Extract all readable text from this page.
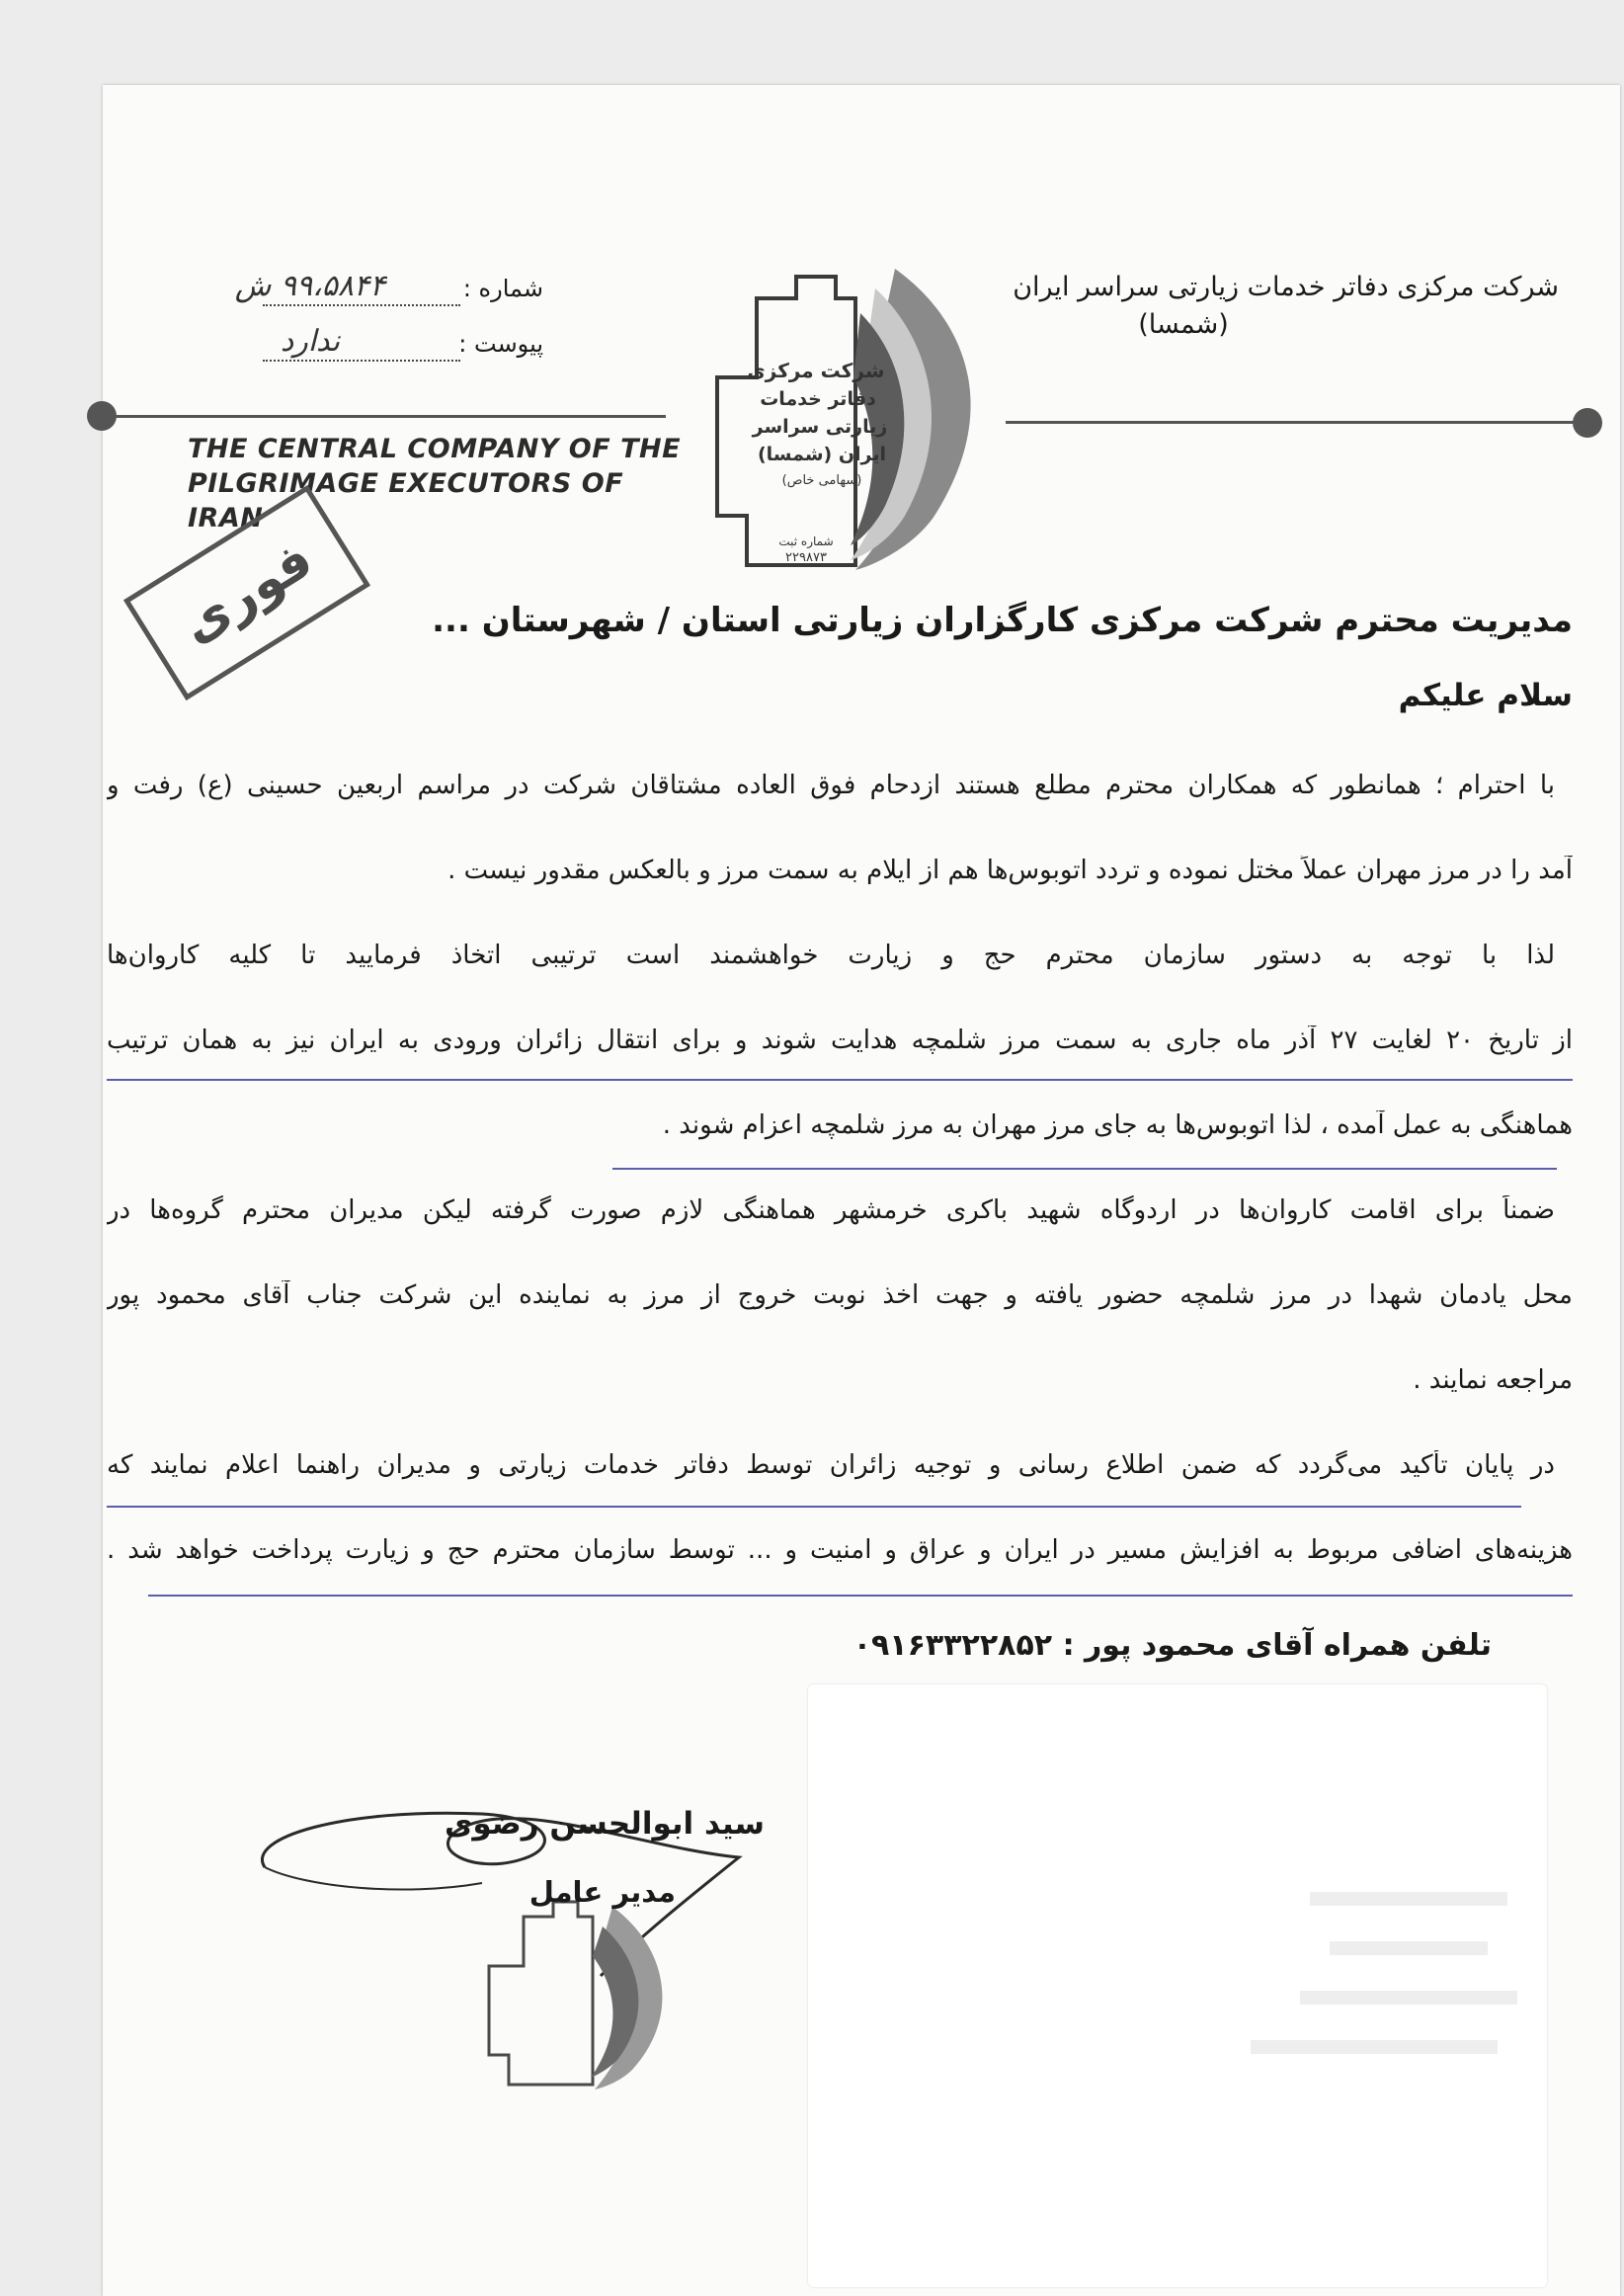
شرکت مرکزی دفاتر خدمات زیارتی سراسر ایران
(شمسا)
شماره :
۹۹،۵۸۴۴ ش
پیوست :
ندارد
THE CENTRAL COMPANY OF THE
PILGRIMAGE EXECUTORS OF IRAN
شرکت مرکزی
دفاتر خدمات
زیارتی سراسر
ایران (شمسا)
(سهامی خاص)
شماره ثبت
۲۲۹۸۷۳
فوری	مدیریت محترم شرکت مرکزی کارگزاران زیارتی استان / شهرستان ...
سلام علیکم
با احترام ؛ همانطور که همکاران محترم مطلع هستند ازدحام فوق العاده مشتاقان شرکت در مراسم اربعین حسینی (ع) رفت و
آمد را در مرز مهران عملاً مختل نموده و تردد اتوبوس‌ها هم از ایلام به سمت مرز و بالعکس مقدور نیست .
لذا با توجه به دستور سازمان محترم حج و زیارت خواهشمند است ترتیبی اتخاذ فرمایید تا کلیه کاروان‌ها
از تاریخ ۲۰ لغایت ۲۷ آذر ماه جاری به سمت مرز شلمچه هدایت شوند و برای انتقال زائران ورودی به ایران نیز به همان ترتیب
هماهنگی به عمل آمده ، لذا اتوبوس‌ها به جای مرز مهران به مرز شلمچه اعزام شوند .
ضمناً برای اقامت کاروان‌ها در اردوگاه شهید باکری خرمشهر هماهنگی لازم صورت گرفته لیکن مدیران محترم گروه‌ها در
محل یادمان شهدا در مرز شلمچه حضور یافته و جهت اخذ نوبت خروج از مرز به نماینده این شرکت جناب آقای محمود پور
مراجعه نمایند .
در پایان تأکید می‌گردد که ضمن اطلاع رسانی و توجیه زائران توسط دفاتر خدمات زیارتی و مدیران راهنما اعلام نمایند که
هزینه‌های اضافی مربوط به افزایش مسیر در ایران و عراق و امنیت و ... توسط سازمان محترم حج و زیارت پرداخت خواهد شد .
تلفن همراه آقای محمود پور : ۰۹۱۶۳۳۲۲۸۵۲
سید ابوالحسن رضوی
مدیر عامل
